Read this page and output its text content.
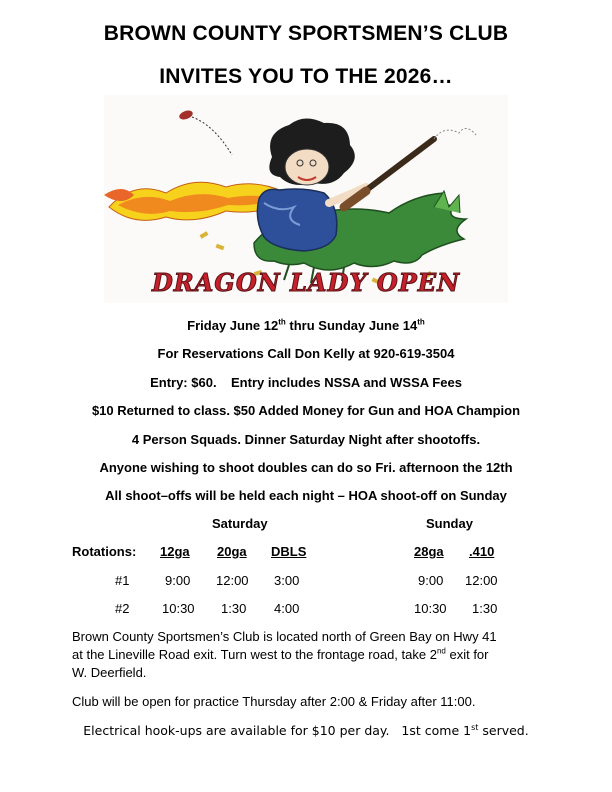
BROWN COUNTY SPORTSMEN’S CLUB
INVITES YOU TO THE 2026…
DRAGON LADY OPEN
Friday June 12th thru Sunday June 14th
For Reservations Call Don Kelly at 920-619-3504
Entry: $60.    Entry includes NSSA and WSSA Fees
$10 Returned to class. $50 Added Money for Gun and HOA Champion
4 Person Squads. Dinner Saturday Night after shootoffs.
Anyone wishing to shoot doubles can do so Fri. afternoon the 12th
All shoot–offs will be held each night – HOA shoot-off on Sunday
Saturday	Sunday
Rotations: 12ga 20ga DBLS	28ga .410
#1	9:00 12:00 3:00	9:00 12:00
#2	10:30 1:30 4:00	10:30 1:30
Brown County Sportsmen’s Club is located north of Green Bay on Hwy 41
at the Lineville Road exit. Turn west to the frontage road, take 2nd exit for
W. Deerfield.
Club will be open for practice Thursday after 2:00 & Friday after 11:00.
Electrical hook-ups are available for $10 per day.   1st come 1st served.
